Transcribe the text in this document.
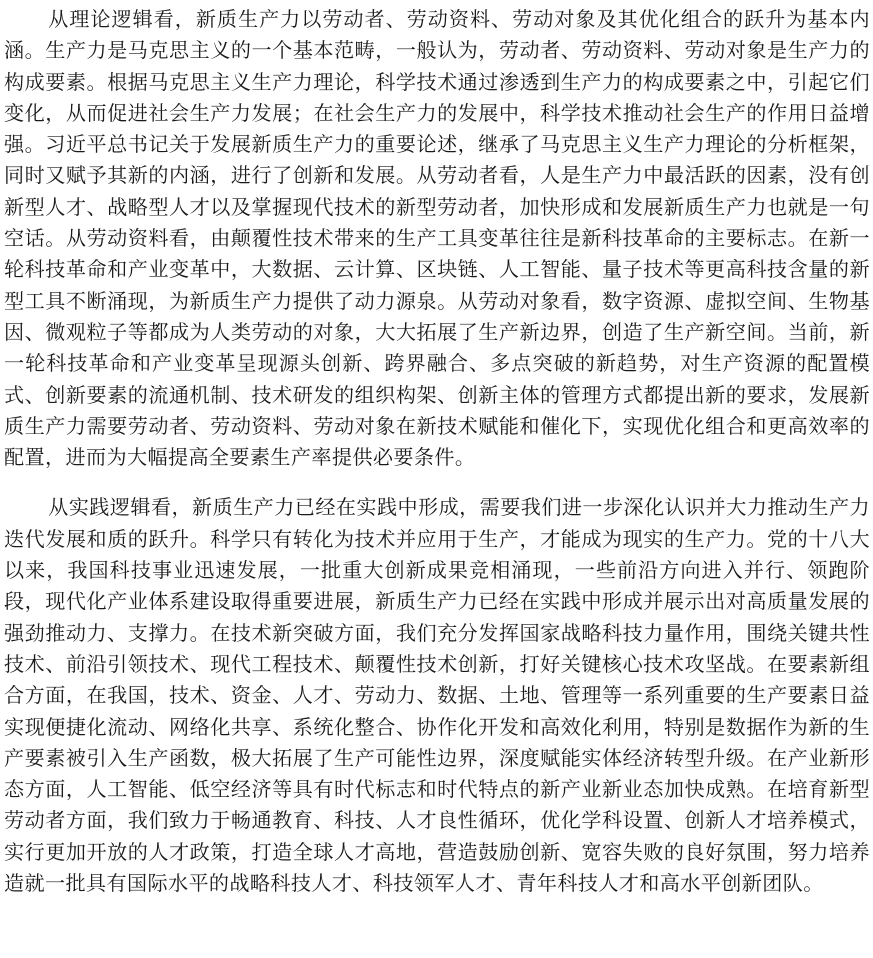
从理论逻辑看，新质生产力以劳动者、劳动资料、劳动对象及其优化组合的跃升为基本内涵。生产力是马克思主义的一个基本范畴，一般认为，劳动者、劳动资料、劳动对象是生产力的构成要素。根据马克思主义生产力理论，科学技术通过渗透到生产力的构成要素之中，引起它们变化，从而促进社会生产力发展；在社会生产力的发展中，科学技术推动社会生产的作用日益增强。习近平总书记关于发展新质生产力的重要论述，继承了马克思主义生产力理论的分析框架，同时又赋予其新的内涵，进行了创新和发展。从劳动者看，人是生产力中最活跃的因素，没有创新型人才、战略型人才以及掌握现代技术的新型劳动者，加快形成和发展新质生产力也就是一句空话。从劳动资料看，由颠覆性技术带来的生产工具变革往往是新科技革命的主要标志。在新一轮科技革命和产业变革中，大数据、云计算、区块链、人工智能、量子技术等更高科技含量的新型工具不断涌现，为新质生产力提供了动力源泉。从劳动对象看，数字资源、虚拟空间、生物基因、微观粒子等都成为人类劳动的对象，大大拓展了生产新边界，创造了生产新空间。当前，新一轮科技革命和产业变革呈现源头创新、跨界融合、多点突破的新趋势，对生产资源的配置模式、创新要素的流通机制、技术研发的组织构架、创新主体的管理方式都提出新的要求，发展新质生产力需要劳动者、劳动资料、劳动对象在新技术赋能和催化下，实现优化组合和更高效率的配置，进而为大幅提高全要素生产率提供必要条件。

从实践逻辑看，新质生产力已经在实践中形成，需要我们进一步深化认识并大力推动生产力迭代发展和质的跃升。科学只有转化为技术并应用于生产，才能成为现实的生产力。党的十八大以来，我国科技事业迅速发展，一批重大创新成果竞相涌现，一些前沿方向进入并行、领跑阶段，现代化产业体系建设取得重要进展，新质生产力已经在实践中形成并展示出对高质量发展的强劲推动力、支撑力。在技术新突破方面，我们充分发挥国家战略科技力量作用，围绕关键共性技术、前沿引领技术、现代工程技术、颠覆性技术创新，打好关键核心技术攻坚战。在要素新组合方面，在我国，技术、资金、人才、劳动力、数据、土地、管理等一系列重要的生产要素日益实现便捷化流动、网络化共享、系统化整合、协作化开发和高效化利用，特别是数据作为新的生产要素被引入生产函数，极大拓展了生产可能性边界，深度赋能实体经济转型升级。在产业新形态方面，人工智能、低空经济等具有时代标志和时代特点的新产业新业态加快成熟。在培育新型劳动者方面，我们致力于畅通教育、科技、人才良性循环，优化学科设置、创新人才培养模式，实行更加开放的人才政策，打造全球人才高地，营造鼓励创新、宽容失败的良好氛围，努力培养造就一批具有国际水平的战略科技人才、科技领军人才、青年科技人才和高水平创新团队。
